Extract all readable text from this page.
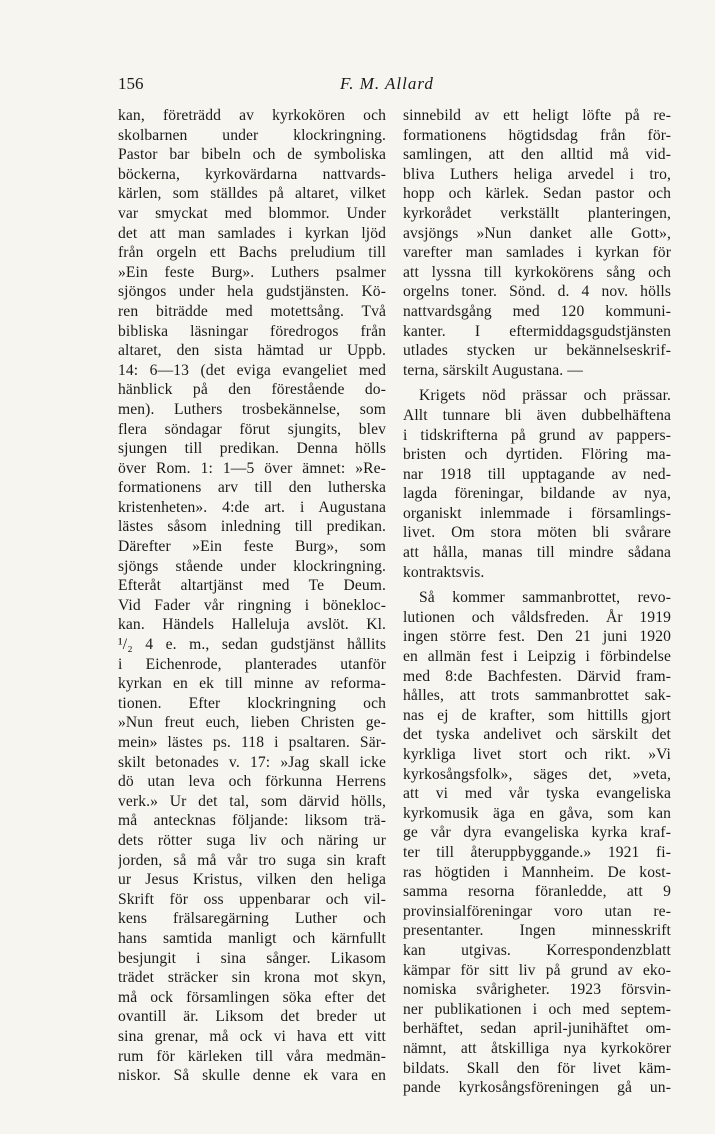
156	F. M. Allard
kan, företrädd av kyrkokören och
skolbarnen under klockringning.
Pastor bar bibeln och de symboliska
böckerna, kyrkovärdarna nattvards-
kärlen, som ställdes på altaret, vilket
var smyckat med blommor. Under
det att man samlades i kyrkan ljöd
från orgeln ett Bachs preludium till
»Ein feste Burg». Luthers psalmer
sjöngos under hela gudstjänsten. Kö-
ren biträdde med motettsång. Två
bibliska läsningar föredrogos från
altaret, den sista hämtad ur Uppb.
14: 6—13 (det eviga evangeliet med
hänblick på den förestående do-
men). Luthers trosbekännelse, som
flera söndagar förut sjungits, blev
sjungen till predikan. Denna hölls
över Rom. 1: 1—5 över ämnet: »Re-
formationens arv till den lutherska
kristenheten». 4:de art. i Augustana
lästes såsom inledning till predikan.
Därefter »Ein feste Burg», som
sjöngs stående under klockringning.
Efteråt altartjänst med Te Deum.
Vid Fader vår ringning i bönekloc-
kan. Händels Halleluja avslöt. Kl.
¹/₂ 4 e. m., sedan gudstjänst hållits
i Eichenrode, planterades utanför
kyrkan en ek till minne av reforma-
tionen. Efter klockringning och
»Nun freut euch, lieben Christen ge-
mein» lästes ps. 118 i psaltaren. Sär-
skilt betonades v. 17: »Jag skall icke
dö utan leva och förkunna Herrens
verk.» Ur det tal, som därvid hölls,
må antecknas följande: liksom trä-
dets rötter suga liv och näring ur
jorden, så må vår tro suga sin kraft
ur Jesus Kristus, vilken den heliga
Skrift för oss uppenbarar och vil-
kens frälsaregärning Luther och
hans samtida manligt och kärnfullt
besjungit i sina sånger. Likasom
trädet sträcker sin krona mot skyn,
må ock församlingen söka efter det
ovantill är. Liksom det breder ut
sina grenar, må ock vi hava ett vitt
rum för kärleken till våra medmän-
niskor. Så skulle denne ek vara en
sinnebild av ett heligt löfte på re-
formationens högtidsdag från för-
samlingen, att den alltid må vid-
bliva Luthers heliga arvedel i tro,
hopp och kärlek. Sedan pastor och
kyrkorådet verkställt planteringen,
avsjöngs »Nun danket alle Gott»,
varefter man samlades i kyrkan för
att lyssna till kyrkokörens sång och
orgelns toner. Sönd. d. 4 nov. hölls
nattvardsgång med 120 kommuni-
kanter. I eftermiddagsgudstjänsten
utlades stycken ur bekännelseskrif-
terna, särskilt Augustana. —
Krigets nöd prässar och prässar.
Allt tunnare bli även dubbelhäftena
i tidskrifterna på grund av pappers-
bristen och dyrtiden. Flöring ma-
nar 1918 till upptagande av ned-
lagda föreningar, bildande av nya,
organiskt inlemmade i församlings-
livet. Om stora möten bli svårare
att hålla, manas till mindre sådana
kontraktsvis.
Så kommer sammanbrottet, revo-
lutionen och våldsfreden. År 1919
ingen större fest. Den 21 juni 1920
en allmän fest i Leipzig i förbindelse
med 8:de Bachfesten. Därvid fram-
hålles, att trots sammanbrottet sak-
nas ej de krafter, som hittills gjort
det tyska andelivet och särskilt det
kyrkliga livet stort och rikt. »Vi
kyrkosångsfolk», säges det, »veta,
att vi med vår tyska evangeliska
kyrkomusik äga en gåva, som kan
ge vår dyra evangeliska kyrka kraf-
ter till återuppbyggande.» 1921 fi-
ras högtiden i Mannheim. De kost-
samma resorna föranledde, att 9
provinsialföreningar voro utan re-
presentanter. Ingen minnesskrift
kan utgivas. Korrespondenzblatt
kämpar för sitt liv på grund av eko-
nomiska svårigheter. 1923 försvin-
ner publikationen i och med septem-
berhäftet, sedan april-junihäftet om-
nämnt, att åtskilliga nya kyrkokörer
bildats. Skall den för livet käm-
pande kyrkosångsföreningen gå un-
